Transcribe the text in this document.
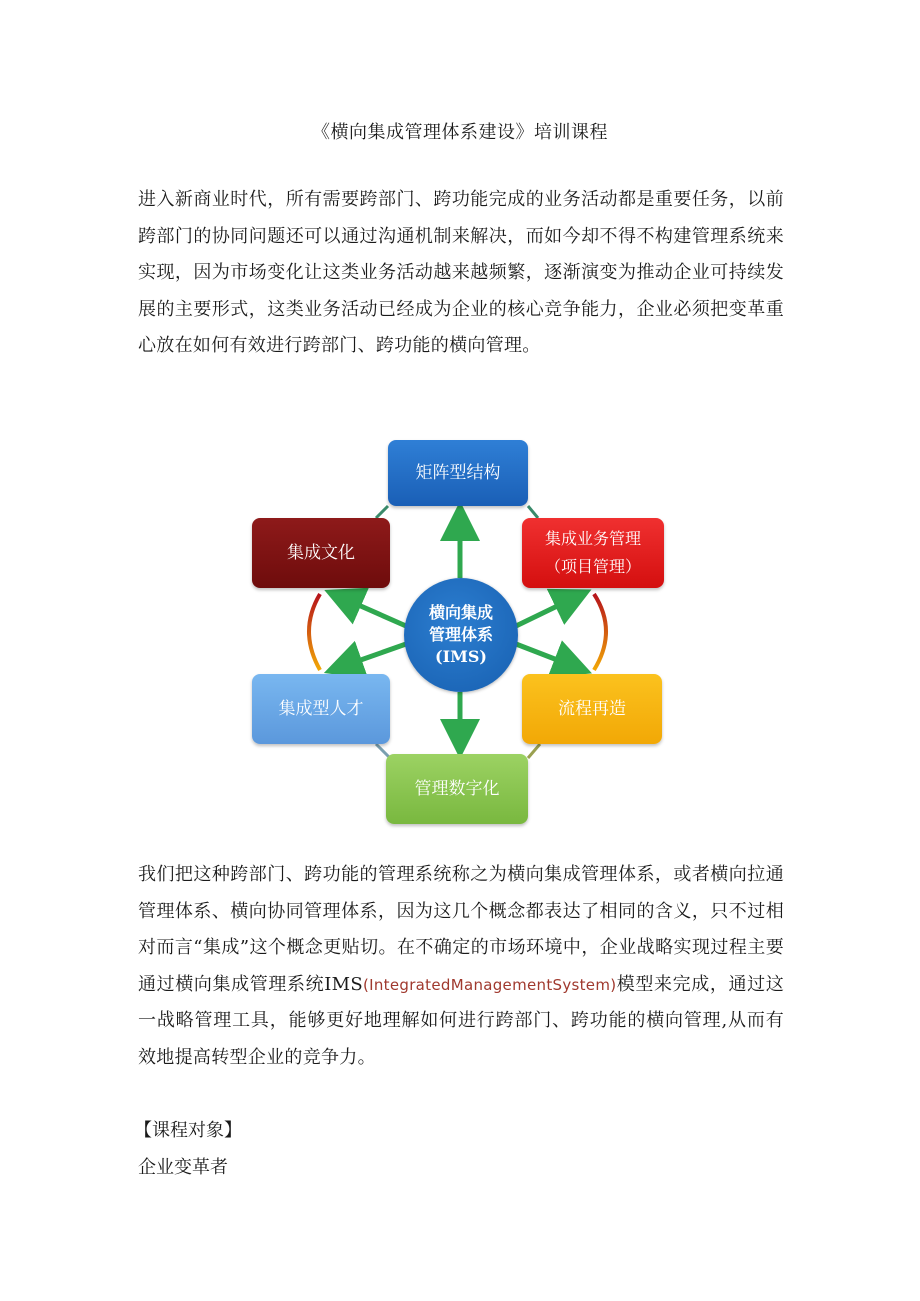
《横向集成管理体系建设》培训课程

进入新商业时代，所有需要跨部门、跨功能完成的业务活动都是重要任务，以前跨部门的协同问题还可以通过沟通机制来解决，而如今却不得不构建管理系统来实现，因为市场变化让这类业务活动越来越频繁，逐渐演变为推动企业可持续发展的主要形式，这类业务活动已经成为企业的核心竞争能力，企业必须把变革重心放在如何有效进行跨部门、跨功能的横向管理。

矩阵型结构
集成文化
集成业务管理
（项目管理）
集成型人才	流程再造
管理数字化
横向集成
管理体系
(IMS)

我们把这种跨部门、跨功能的管理系统称之为横向集成管理体系，或者横向拉通管理体系、横向协同管理体系，因为这几个概念都表达了相同的含义，只不过相对而言“集成”这个概念更贴切。在不确定的市场环境中，企业战略实现过程主要通过横向集成管理系统IMS(IntegratedManagementSystem)模型来完成，通过这一战略管理工具，能够更好地理解如何进行跨部门、跨功能的横向管理,从而有效地提高转型企业的竞争力。

【课程对象】
企业变革者
